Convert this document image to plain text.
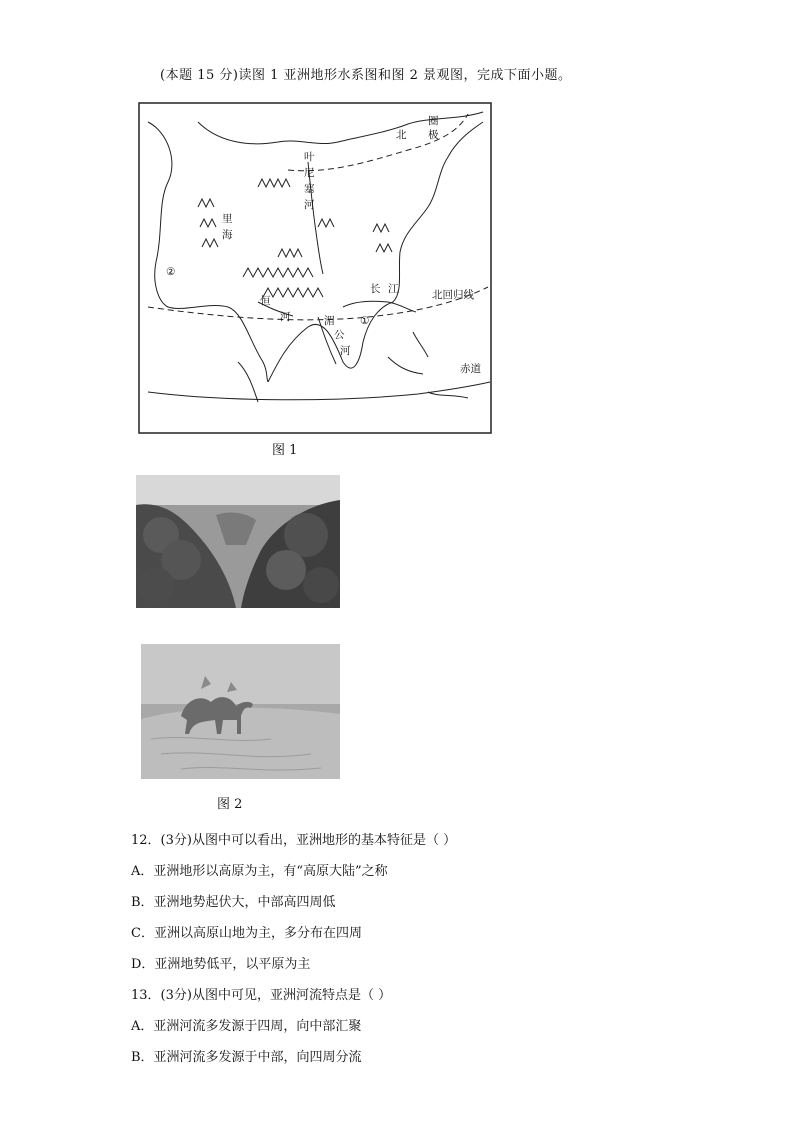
(本题 15 分)读图 1 亚洲地形水系图和图 2 景观图，完成下面小题。
圈
极
北
叶
尼
塞
河
里
海
②
恒
河
长 江
湄
公
河
①
北回归线
赤道
图 1
图 2
12．(3分)从图中可以看出，亚洲地形的基本特征是（ ）
A．亚洲地形以高原为主，有“高原大陆”之称
B．亚洲地势起伏大，中部高四周低
C．亚洲以高原山地为主，多分布在四周
D．亚洲地势低平，以平原为主
13．(3分)从图中可见，亚洲河流特点是（ ）
A．亚洲河流多发源于四周，向中部汇聚
B．亚洲河流多发源于中部，向四周分流
